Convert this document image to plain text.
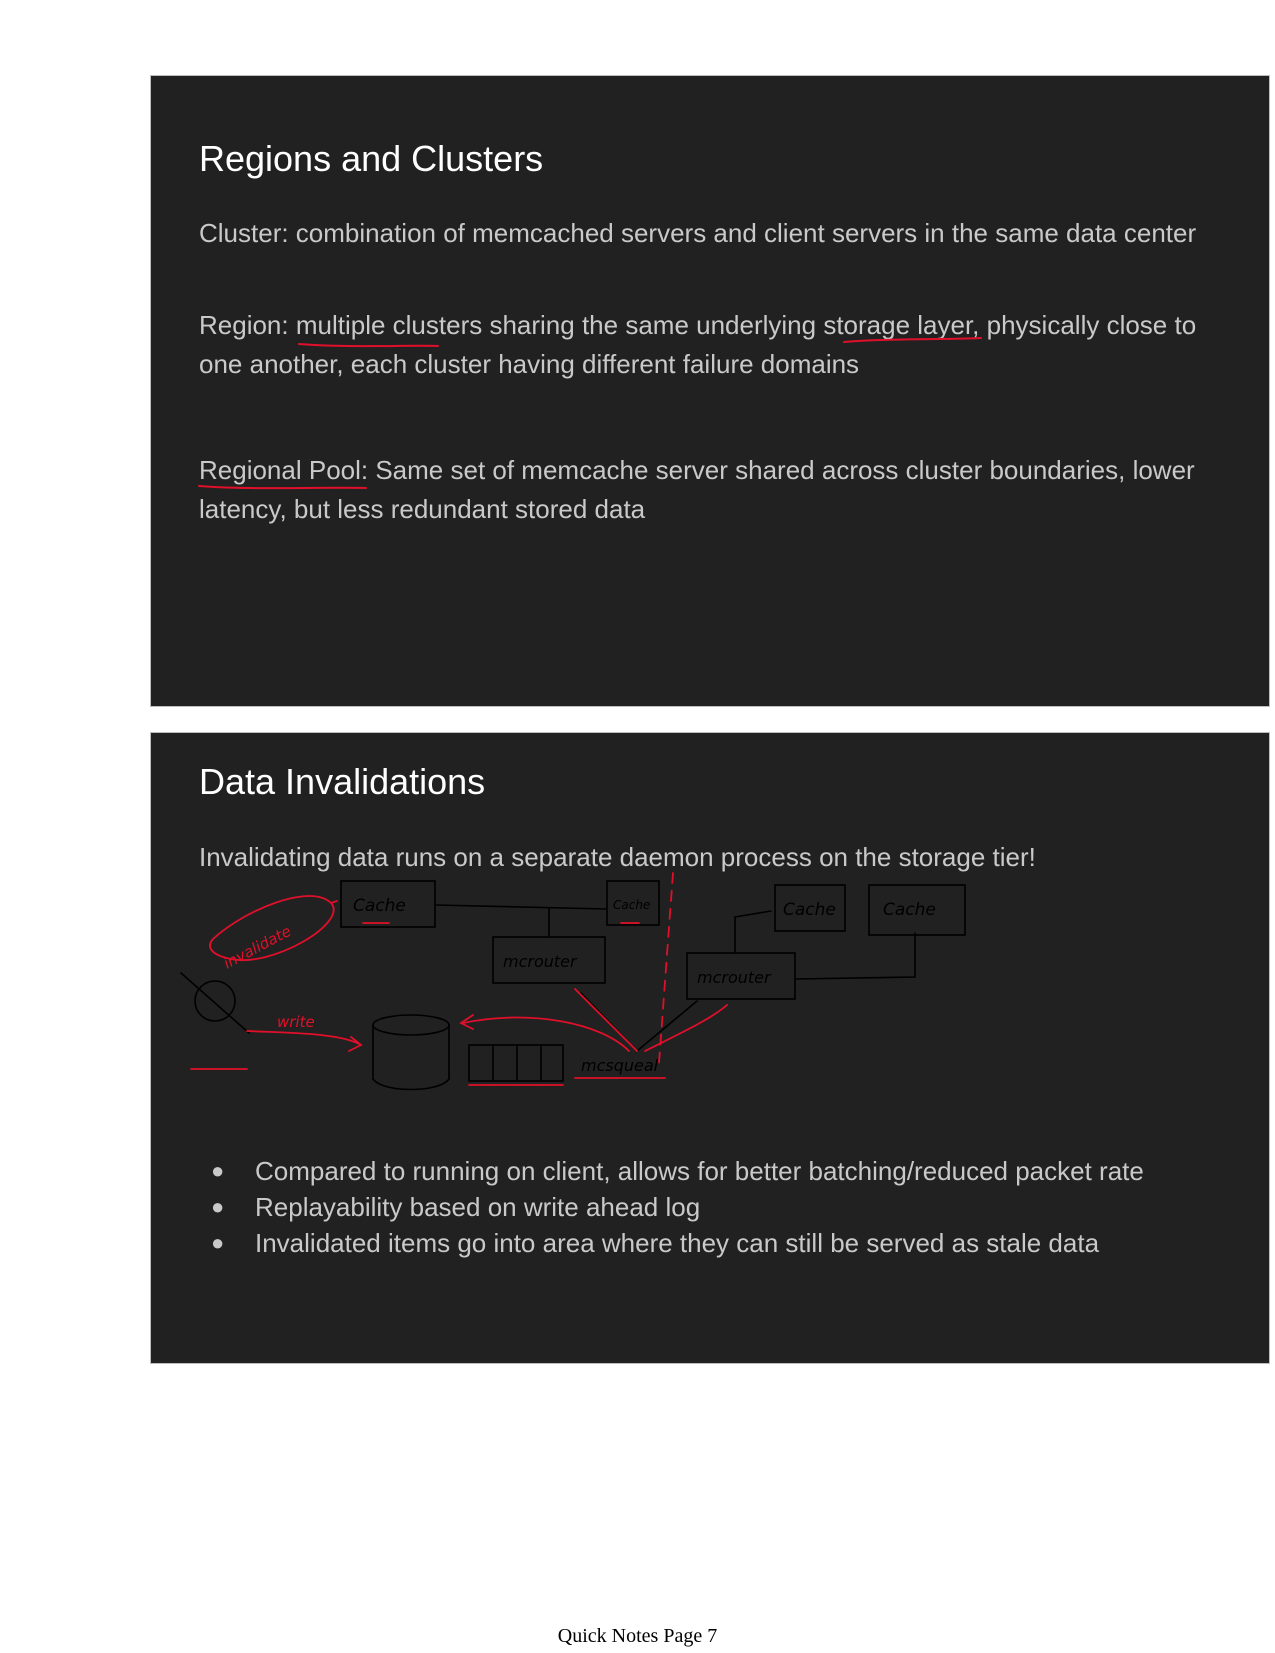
Regions and Clusters

Cluster: combination of memcached servers and client servers in the same data center

Region: multiple clusters sharing the same underlying storage layer, physically close to one another, each cluster having different failure domains

Regional Pool: Same set of memcache server shared across cluster boundaries, lower latency, but less redundant stored data

Data Invalidations

Invalidating data runs on a separate daemon process on the storage tier!

Cache	Cache	Cache	Cache
mcrouter
mcrouter
mcsqueal
invalidate
write
● Compared to running on client, allows for better batching/reduced packet rate
● Replayability based on write ahead log
● Invalidated items go into area where they can still be served as stale data
Quick Notes Page 7
